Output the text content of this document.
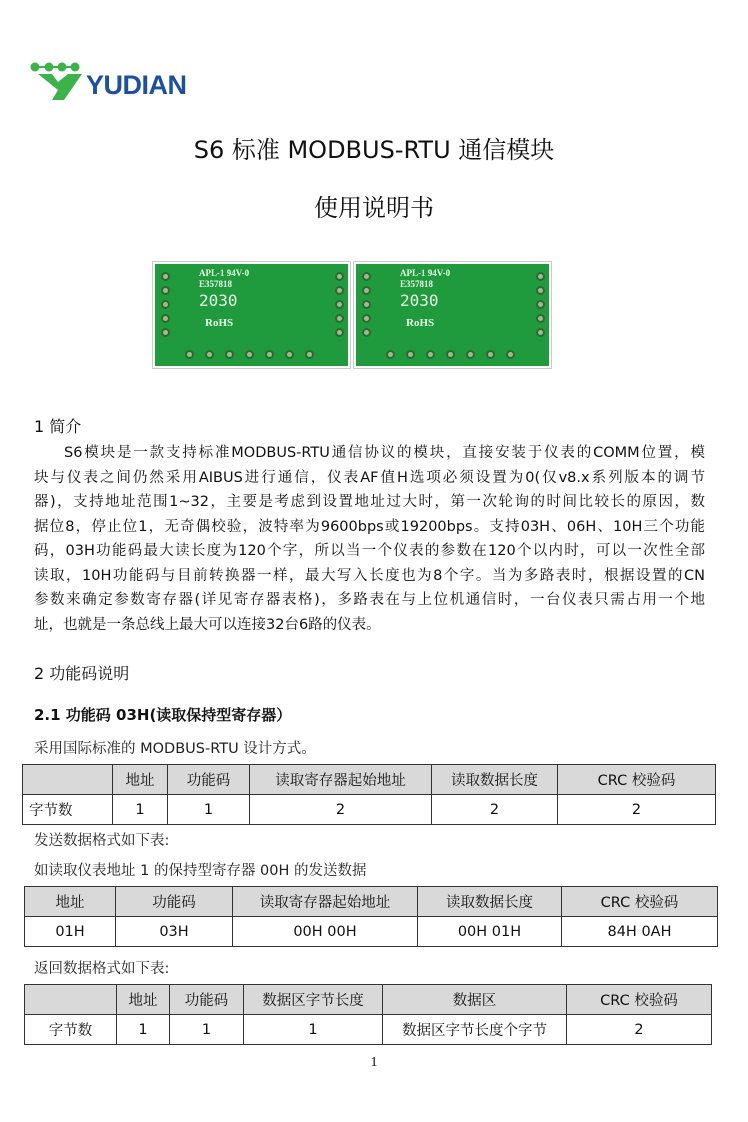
YUDIAN
S6 标准 MODBUS-RTU 通信模块
使用说明书
APL-1 94V-0
E357818
2030
RoHS
APL-1 94V-0
E357818
2030
RoHS
1 简介
S6模块是一款支持标准MODBUS-RTU通信协议的模块，直接安装于仪表的COMM位置，模
块与仪表之间仍然采用AIBUS进行通信，仪表AF值H选项必须设置为0(仅v8.x系列版本的调节
器)，支持地址范围1~32，主要是考虑到设置地址过大时，第一次轮询的时间比较长的原因，数
据位8，停止位1，无奇偶校验，波特率为9600bps或19200bps。支持03H、06H、10H三个功能
码，03H功能码最大读长度为120个字，所以当一个仪表的参数在120个以内时，可以一次性全部
读取，10H功能码与目前转换器一样，最大写入长度也为8个字。当为多路表时，根据设置的CN
参数来确定参数寄存器(详见寄存器表格)，多路表在与上位机通信时，一台仪表只需占用一个地
址，也就是一条总线上最大可以连接32台6路的仪表。
2 功能码说明
2.1 功能码 03H(读取保持型寄存器）
采用国际标准的 MODBUS-RTU 设计方式。
	地址	功能码	读取寄存器起始地址	读取数据长度	CRC 校验码
字节数	1	1	2	2	2
发送数据格式如下表:
如读取仪表地址 1 的保持型寄存器 00H 的发送数据
地址	功能码	读取寄存器起始地址	读取数据长度	CRC 校验码
01H	03H	00H 00H	00H 01H	84H 0AH
返回数据格式如下表:
	地址	功能码	数据区字节长度	数据区	CRC 校验码
字节数	1	1	1	数据区字节长度个字节	2
1
